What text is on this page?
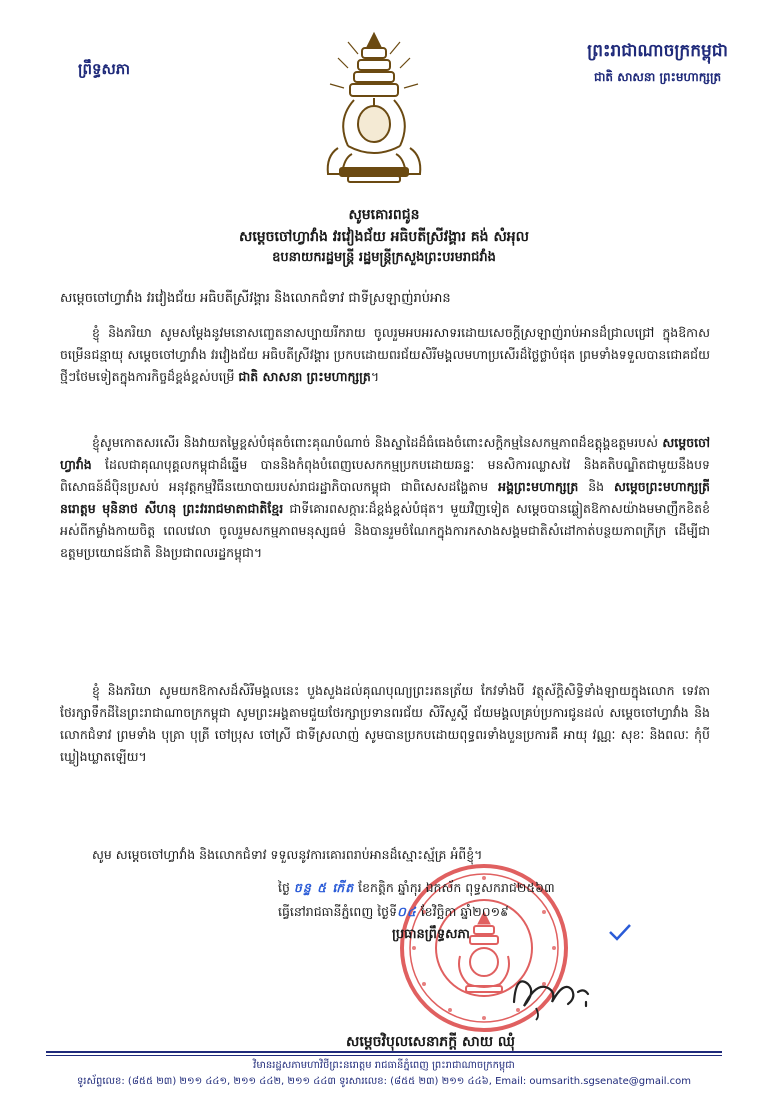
ព្រឹទ្ធសភា
ព្រះរាជាណាចក្រកម្ពុជា
ជាតិ សាសនា ព្រះមហាក្សត្រ
សូមគោរពជូន
សម្តេចចៅហ្វាវាំង វរវៀងជ័យ អធិបតីស្រីវង្គារ គង់ សំអុល
ឧបនាយករដ្ឋមន្ត្រី រដ្ឋមន្ត្រីក្រសួងព្រះបរមរាជវាំង
សម្តេចចៅហ្វាវាំង វរវៀងជ័យ អធិបតីស្រីវង្គារ និងលោកជំទាវ ជាទីស្រឡាញ់រាប់អាន

ខ្ញុំ និងភរិយា សូមសម្តែងនូវមនោសញ្ចេតនាសប្បាយរីករាយ ចូលរួមអបអរសាទរដោយសេចក្តីស្រឡាញ់រាប់អានដ៏ជ្រាលជ្រៅ ក្នុងឱកាសចម្រើនជន្មាយុ សម្តេចចៅហ្វាវាំង វរវៀងជ័យ អធិបតីស្រីវង្គារ ប្រកបដោយពរជ័យសិរីមង្គលមហាប្រសើរដ៏ថ្លៃថ្លាបំផុត ព្រមទាំងទទួលបានជោគជ័យថ្មីៗថែមទៀតក្នុងការកិច្ចដ៏ខ្ពង់ខ្ពស់បម្រើ ជាតិ សាសនា ព្រះមហាក្សត្រ។

ខ្ញុំសូមកោតសរសើរ និងវាយតម្លៃខ្ពស់បំផុតចំពោះគុណបំណាច់ និងស្នាដៃដ៏ធំធេងចំពោះសក្តិកម្មនៃសកម្មភាពដ៏ឧត្តុង្គឧត្តមរបស់ សម្តេចចៅហ្វាវាំង ដែលជាគុណបុគ្គលកម្ពុជាដ៏ឆ្នើម បាននិងកំពុងបំពេញបេសកកម្មប្រកបដោយឆន្ទៈ មនសិការឈ្លាសវៃ និងគតិបណ្ឌិតជាមួយនឹងបទពិសោធន៍ដ៏ប៉ិនប្រសប់ អនុវត្តកម្មវិធីនយោបាយរបស់រាជរដ្ឋាភិបាលកម្ពុជា ជាពិសេសដង្ហែតាម អង្គព្រះមហាក្សត្រ និង សម្តេចព្រះមហាក្សត្រី នរោត្តម មុនិនាថ សីហនុ ព្រះវររាជមាតាជាតិខ្មែរ ជាទីគោរពសក្ការៈដ៏ខ្ពង់ខ្ពស់បំផុត។ មួយវិញទៀត សម្តេចបានឆ្លៀតឱកាសយ៉ាងមមាញឹកខិតខំអស់ពីកម្លាំងកាយចិត្ត ពេលវេលា ចូលរួមសកម្មភាពមនុស្សធម៌ និងបានរួមចំណែកក្នុងការកសាងសង្គមជាតិសំដៅកាត់បន្ថយភាពក្រីក្រ ដើម្បីជាឧត្តមប្រយោជន៍ជាតិ និងប្រជាពលរដ្ឋកម្ពុជា។

ខ្ញុំ និងភរិយា សូមយកឱកាសដ៏សិរីមង្គលនេះ បួងសួងដល់គុណបុណ្យព្រះរតនត្រ័យ កែវទាំងបី វត្ថុស័ក្តិសិទ្ធិទាំងឡាយក្នុងលោក ទេវតាថែរក្សាទឹកដីនៃព្រះរាជាណាចក្រកម្ពុជា សូមព្រះអង្គតាមជួយថែរក្សាប្រទានពរជ័យ សិរីសួស្តី ជ័យមង្គលគ្រប់ប្រការជូនដល់ សម្តេចចៅហ្វាវាំង និងលោកជំទាវ ព្រមទាំង បុត្រា បុត្រី ចៅប្រុស ចៅស្រី ជាទីស្រលាញ់ សូមបានប្រកបដោយពុទ្ធពរទាំងបួនប្រការគឺ អាយុ វណ្ណៈ សុខៈ និងពលៈ កុំបីឃ្លៀងឃ្លាតឡើយ។

សូម សម្តេចចៅហ្វាវាំង និងលោកជំទាវ ទទួលនូវការគោរពរាប់អានដ៏ស្មោះស្ម័គ្រ អំពីខ្ញុំ។

ថ្ងៃ ចន្ទ ៥ កើត ខែកត្តិក ឆ្នាំកុរ ឯកស័ក ពុទ្ធសករាជ២៥៦៣
ធ្វើនៅរាជធានីភ្នំពេញ ថ្ងៃទី០៤ ខែវិច្ឆិកា ឆ្នាំ២០១៩
ប្រធានព្រឹទ្ធសភា
សម្តេចវិបុលសេនាភក្តី សាយ ឈុំ
វិមានរដ្ឋសភាមហាវិថីព្រះនរោត្តម រាជធានីភ្នំពេញ ព្រះរាជាណាចក្រកម្ពុជា
ទូរស័ព្ទលេខ: (៨៥៥ ២៣) ២១១ ៤៤១, ២១១ ៤៤២, ២១១ ៤៤៣ ទូរសារលេខ: (៨៥៥ ២៣) ២១១ ៤៤៦, Email: oumsarith.sgsenate@gmail.com
